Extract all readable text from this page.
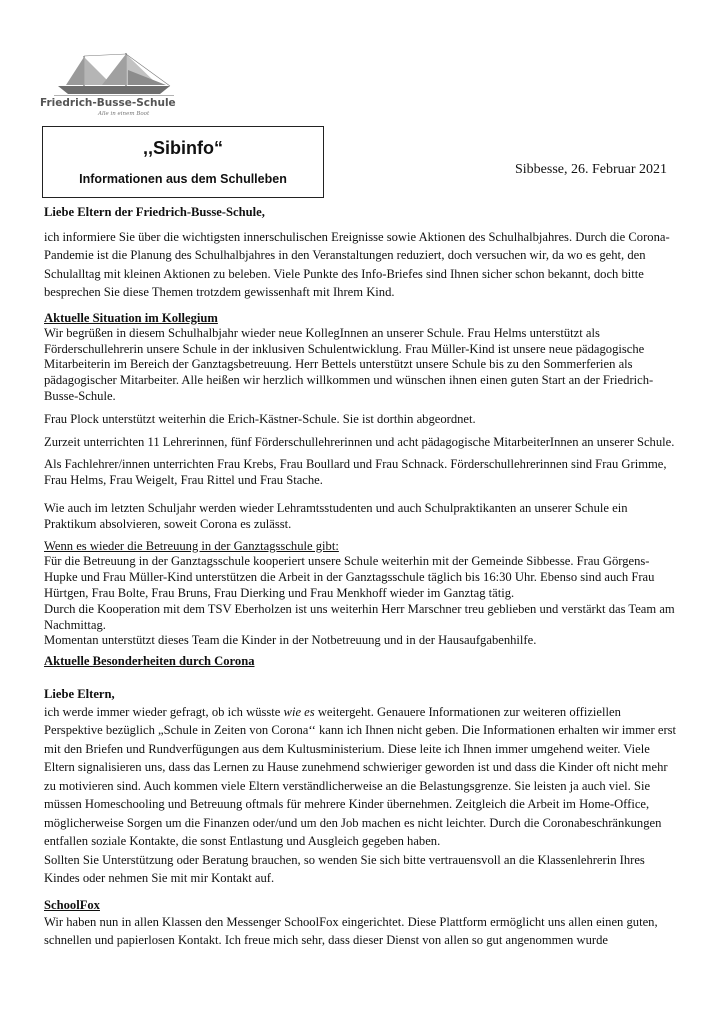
Friedrich-Busse-Schule
Alle in einem Boot
,,Sibinfo“
Informationen aus dem Schulleben
Sibbesse, 26. Februar 2021

Liebe Eltern der Friedrich-Busse-Schule,

ich informiere Sie über die wichtigsten innerschulischen Ereignisse sowie Aktionen des Schulhalbjahres. Durch die Corona-Pandemie ist die Planung des Schulhalbjahres in den Veranstaltungen reduziert, doch versuchen wir, da wo es geht, den Schulalltag mit kleinen Aktionen zu beleben. Viele Punkte des Info-Briefes sind Ihnen sicher schon bekannt, doch bitte besprechen Sie diese Themen trotzdem gewissenhaft mit Ihrem Kind.

Aktuelle Situation im Kollegium

Wir begrüßen in diesem Schulhalbjahr wieder neue KollegInnen an unserer Schule. Frau Helms unterstützt als Förderschullehrerin unsere Schule in der inklusiven Schulentwicklung. Frau Müller-Kind ist unsere neue pädagogische Mitarbeiterin im Bereich der Ganztagsbetreuung. Herr Bettels unterstützt unsere Schule bis zu den Sommerferien als pädagogischer Mitarbeiter. Alle heißen wir herzlich willkommen und wünschen ihnen einen guten Start an der Friedrich-Busse-Schule.

Frau Plock unterstützt weiterhin die Erich-Kästner-Schule. Sie ist dorthin abgeordnet.

Zurzeit unterrichten 11 Lehrerinnen, fünf Förderschullehrerinnen und acht pädagogische MitarbeiterInnen an unserer Schule.

Als Fachlehrer/innen unterrichten Frau Krebs, Frau Boullard und Frau Schnack. Förderschullehrerinnen sind Frau Grimme, Frau Helms, Frau Weigelt, Frau Rittel und Frau Stache.

Wie auch im letzten Schuljahr werden wieder Lehramtsstudenten und auch Schulpraktikanten an unserer Schule ein Praktikum absolvieren, soweit Corona es zulässt.

Wenn es wieder die Betreuung in der Ganztagsschule gibt:

Für die Betreuung in der Ganztagsschule kooperiert unsere Schule weiterhin mit der Gemeinde Sibbesse. Frau Görgens-Hupke und Frau Müller-Kind unterstützen die Arbeit in der Ganztagsschule täglich bis 16:30 Uhr. Ebenso sind auch Frau Hürtgen, Frau Bolte, Frau Bruns, Frau Dierking und Frau Menkhoff wieder im Ganztag tätig.

Durch die Kooperation mit dem TSV Eberholzen ist uns weiterhin Herr Marschner treu geblieben und verstärkt das Team am Nachmittag.

Momentan unterstützt dieses Team die Kinder in der Notbetreuung und in der Hausaufgabenhilfe.

Aktuelle Besonderheiten durch Corona

Liebe Eltern,

ich werde immer wieder gefragt, ob ich wüsste wie es weitergeht. Genauere Informationen zur weiteren offiziellen Perspektive bezüglich „Schule in Zeiten von Corona‘‘ kann ich Ihnen nicht geben. Die Informationen erhalten wir immer erst mit den Briefen und Rundverfügungen aus dem Kultusministerium. Diese leite ich Ihnen immer umgehend weiter. Viele Eltern signalisieren uns, dass das Lernen zu Hause zunehmend schwieriger geworden ist und dass die Kinder oft nicht mehr zu motivieren sind. Auch kommen viele Eltern verständlicherweise an die Belastungsgrenze. Sie leisten ja auch viel. Sie müssen Homeschooling und Betreuung oftmals für mehrere Kinder übernehmen. Zeitgleich die Arbeit im Home-Office, möglicherweise Sorgen um die Finanzen oder/und um den Job machen es nicht leichter. Durch die Coronabeschränkungen entfallen soziale Kontakte, die sonst Entlastung und Ausgleich gegeben haben.

Sollten Sie Unterstützung oder Beratung brauchen, so wenden Sie sich bitte vertrauensvoll an die Klassenlehrerin Ihres Kindes oder nehmen Sie mit mir Kontakt auf.

SchoolFox

Wir haben nun in allen Klassen den Messenger SchoolFox eingerichtet. Diese Plattform ermöglicht uns allen einen guten, schnellen und papierlosen Kontakt. Ich freue mich sehr, dass dieser Dienst von allen so gut angenommen wurde
